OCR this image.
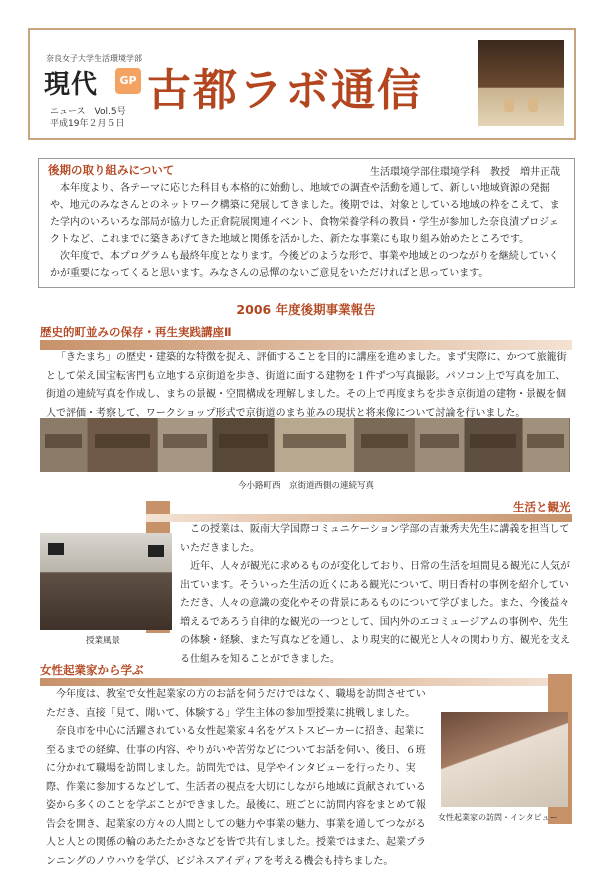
奈良女子大学生活環境学部
現代	GP
ニュース　Vol.5号
平成19年２月５日
古都ラボ通信
後期の取り組みについて	生活環境学部住環境学科　教授　増井正哉

本年度より、各テーマに応じた科目も本格的に始動し、地域での調査や活動を通して、新しい地域資源の発掘や、地元のみなさんとのネットワーク構築に発展してきました。後期では、対象としている地域の枠をこえて、また学内のいろいろな部局が協力した正倉院展関連イベント、食物栄養学科の教員・学生が参加した奈良漬プロジェクトなど、これまでに築きあげてきた地域と関係を活かした、新たな事業にも取り組み始めたところです。

次年度で、本プログラムも最終年度となります。今後どのような形で、事業や地域とのつながりを継続していくかが重要になってくると思います。みなさんの忌憚のないご意見をいただければと思っています。

2006 年度後期事業報告
歴史的町並みの保存・再生実践講座Ⅱ
「きたまち」の歴史・建築的な特徴を捉え、評価することを目的に講座を進めました。まず実際に、かつて旅籠街として栄え国宝転害門も立地する京街道を歩き、街道に面する建物を１件ずつ写真撮影。パソコン上で写真を加工、街道の連続写真を作成し、まちの景観・空間構成を理解しました。その上で再度まちを歩き京街道の建物・景観を個人で評価・考察して、ワークショップ形式で京街道のまち並みの現状と将来像について討論を行いました。
今小路町西　京街道西側の連続写真
生活と観光
授業風景

この授業は、阪南大学国際コミュニケーション学部の吉兼秀夫先生に講義を担当していただきました。

近年、人々が観光に求めるものが変化しており、日常の生活を垣間見る観光に人気が出ています。そういった生活の近くにある観光について、明日香村の事例を紹介していただき、人々の意識の変化やその背景にあるものについて学びました。また、今後益々増えるであろう自律的な観光の一つとして、国内外のエコミュージアムの事例や、先生の体験・経験、また写真などを通し、より現実的に観光と人々の関わり方、観光を支える仕組みを知ることができました。

女性起業家から学ぶ

今年度は、教室で女性起業家の方のお話を伺うだけではなく、職場を訪問させていただき、直接「見て、聞いて、体験する」学生主体の参加型授業に挑戦しました。

奈良市を中心に活躍されている女性起業家４名をゲストスピーカーに招き、起業に至るまでの経緯、仕事の内容、やりがいや苦労などについてお話を伺い、後日、６班に分かれて職場を訪問しました。訪問先では、見学やインタビューを行ったり、実際、作業に参加するなどして、生活者の視点を大切にしながら地域に貢献されている姿から多くのことを学ぶことができました。最後に、班ごとに訪問内容をまとめて報告会を開き、起業家の方々の人間としての魅力や事業の魅力、事業を通してつながる人と人との関係の輪のあたたかさなどを皆で共有しました。授業ではまた、起業プランニングのノウハウを学び、ビジネスアイディアを考える機会も持ちました。

女性起業家の訪問・インタビュー
